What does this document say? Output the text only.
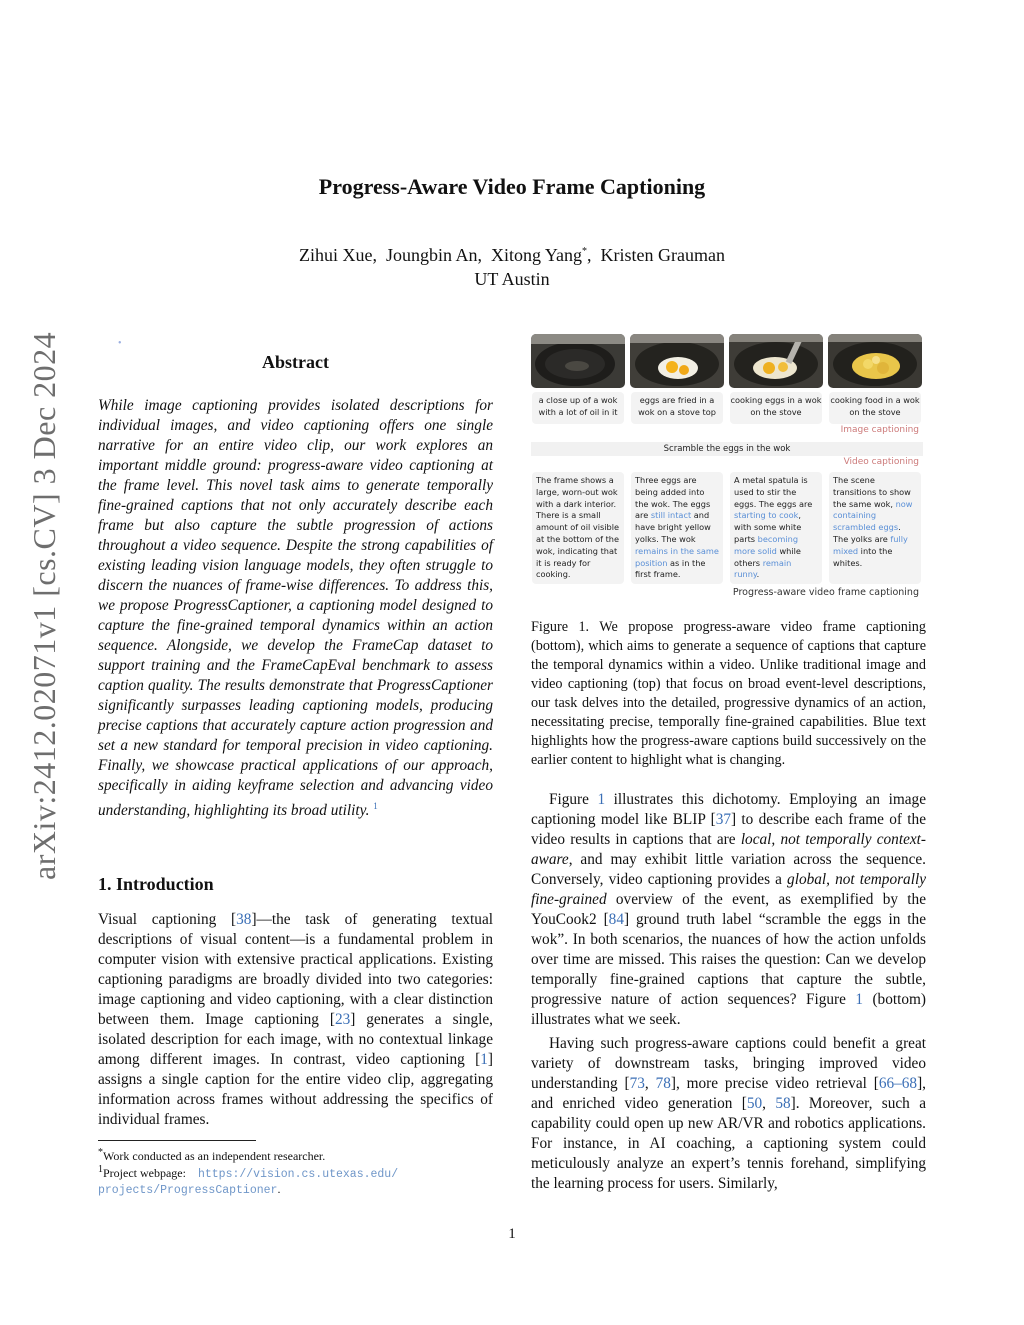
arXiv:2412.02071v1 [cs.CV] 3 Dec 2024
Progress-Aware Video Frame Captioning
Zihui Xue, Joungbin An, Xitong Yang*,  Kristen Grauman
UT Austin
•
Abstract

While image captioning provides isolated descriptions for individual images, and video captioning offers one single narrative for an entire video clip, our work explores an important middle ground: progress-aware video captioning at the frame level. This novel task aims to generate temporally fine-grained captions that not only accurately describe each frame but also capture the subtle progression of actions throughout a video sequence. Despite the strong capabilities of existing leading vision language models, they often struggle to discern the nuances of frame-wise differences. To address this, we propose ProgressCaptioner, a captioning model designed to capture the fine-grained temporal dynamics within an action sequence. Alongside, we develop the FrameCap dataset to support training and the FrameCapEval benchmark to assess caption quality. The results demonstrate that ProgressCaptioner significantly surpasses leading captioning models, producing precise captions that accurately capture action progression and set a new standard for temporal precision in video captioning. Finally, we showcase practical applications of our approach, specifically in aiding keyframe selection and advancing video understanding, highlighting its broad utility. $^1$

1. Introduction

Visual captioning [38]—the task of generating textual descriptions of visual content—is a fundamental problem in computer vision with extensive practical applications. Existing captioning paradigms are broadly divided into two categories: image captioning and video captioning, with a clear distinction between them. Image captioning [23] generates a single, isolated description for each image, with no contextual linkage among different images. In contrast, video captioning [1] assigns a single caption for the entire video clip, aggregating information across frames without addressing the specifics of individual frames.

*Work conducted as an independent researcher.
$^1$Project webpage: https://vision.cs.utexas.edu/
projects/ProgressCaptioner.
a close up of a wok with a lot of oil in it
eggs are fried in a wok on a stove top
cooking eggs in a wok on the stove
cooking food in a wok on the stove
Image captioning
Scramble the eggs in the wok
Video captioning
The frame shows a large, worn-out wok with a dark interior. There is a small amount of oil visible at the bottom of the wok, indicating that it is ready for cooking.
Three eggs are being added into the wok. The eggs are still intact and have bright yellow yolks. The wok remains in the same position as in the first frame.
A metal spatula is used to stir the eggs. The eggs are starting to cook, with some white parts becoming more solid while others remain runny.
The scene transitions to show the same wok, now containing scrambled eggs. The yolks are fully mixed into the whites.
Progress-aware video frame captioning
Figure 1. We propose progress-aware video frame captioning (bottom), which aims to generate a sequence of captions that capture the temporal dynamics within a video. Unlike traditional image and video captioning (top) that focus on broad event-level descriptions, our task delves into the detailed, progressive dynamics of an action, necessitating precise, temporally fine-grained capabilities. Blue text highlights how the progress-aware captions build successively on the earlier content to highlight what is changing.

Figure 1 illustrates this dichotomy. Employing an image captioning model like BLIP [37] to describe each frame of the video results in captions that are local, not temporally context-aware, and may exhibit little variation across the sequence. Conversely, video captioning provides a global, not temporally fine-grained overview of the event, as exemplified by the YouCook2 [84] ground truth label “scramble the eggs in the wok”. In both scenarios, the nuances of how the action unfolds over time are missed. This raises the question: Can we develop temporally fine-grained captions that capture the subtle, progressive nature of action sequences? Figure 1 (bottom) illustrates what we seek.

Having such progress-aware captions could benefit a great variety of downstream tasks, bringing improved video understanding [73, 78], more precise video retrieval [66–68], and enriched video generation [50, 58]. Moreover, such a capability could open up new AR/VR and robotics applications. For instance, in AI coaching, a captioning system could meticulously analyze an expert’s tennis forehand, simplifying the learning process for users. Similarly,

1
